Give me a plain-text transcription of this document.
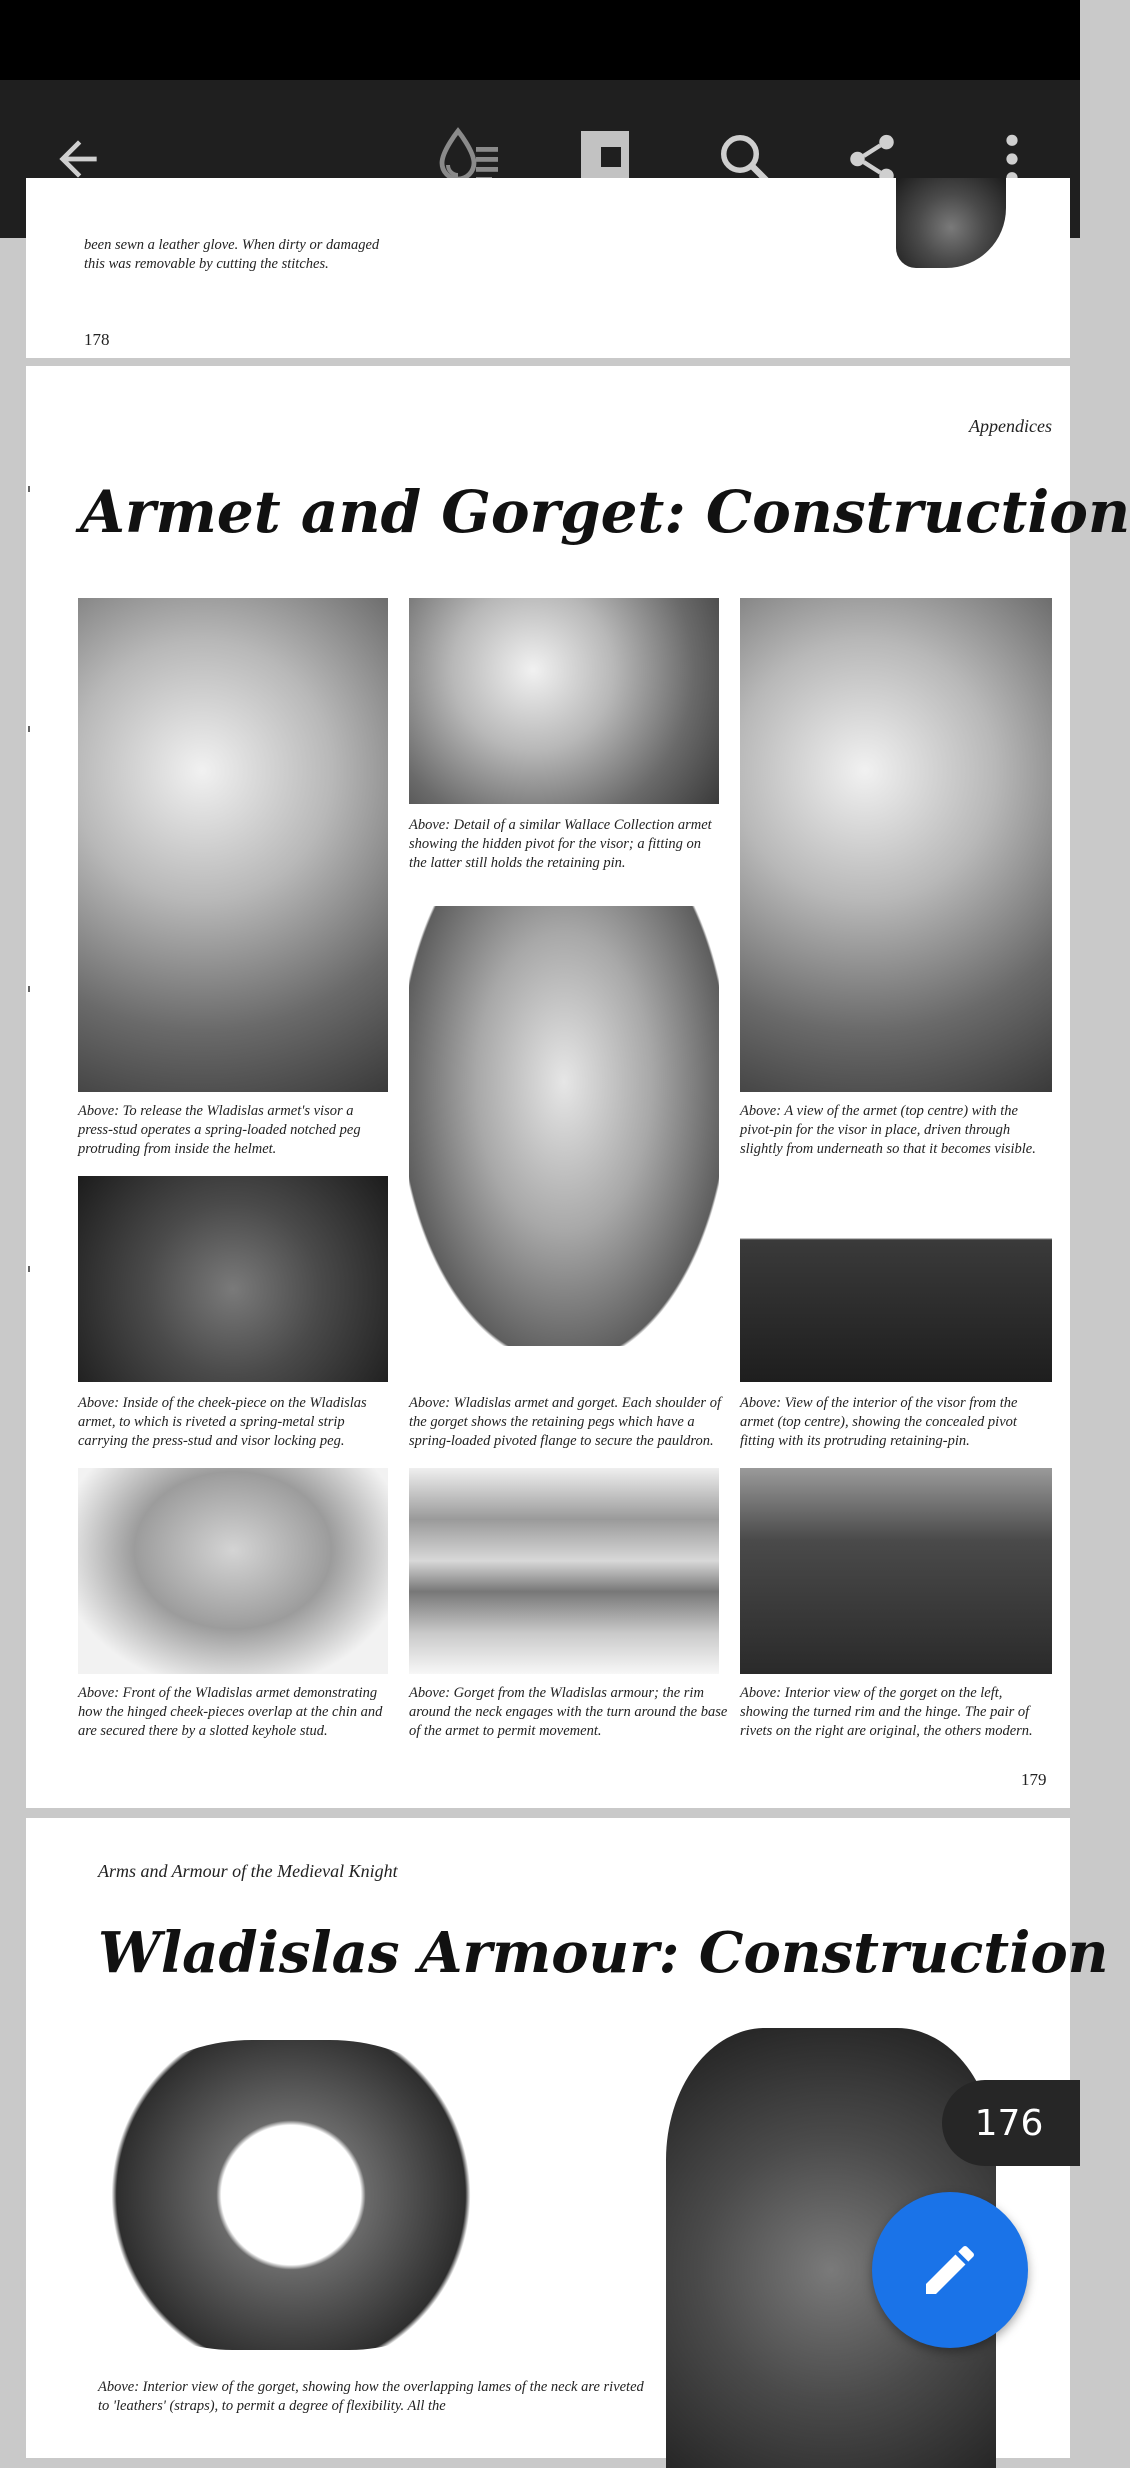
been sewn a leather glove. When dirty or damaged
this was removable by cutting the stitches.
178
Appendices
Armet and Gorget: Construction
Above: Detail of a similar Wallace Collection armet showing the hidden pivot for the visor; a fitting on the latter still holds the retaining pin.
Above: To release the Wladislas armet's visor a press-stud operates a spring-loaded notched peg protruding from inside the helmet.
Above: A view of the armet (top centre) with the pivot-pin for the visor in place, driven through slightly from underneath so that it becomes visible.
Above: Inside of the cheek-piece on the Wladislas armet, to which is riveted a spring-metal strip carrying the press-stud and visor locking peg.
Above: Wladislas armet and gorget. Each shoulder of the gorget shows the retaining pegs which have a spring-loaded pivoted flange to secure the pauldron.
Above: View of the interior of the visor from the armet (top centre), showing the concealed pivot fitting with its protruding retaining-pin.
Above: Front of the Wladislas armet demonstrating how the hinged cheek-pieces overlap at the chin and are secured there by a slotted keyhole stud.
Above: Gorget from the Wladislas armour; the rim around the neck engages with the turn around the base of the armet to permit movement.
Above: Interior view of the gorget on the left, showing the turned rim and the hinge. The pair of rivets on the right are original, the others modern.
179
Arms and Armour of the Medieval Knight
Wladislas Armour: Construction
Above: Interior view of the gorget, showing how the overlapping lames of the neck are riveted to 'leathers' (straps), to permit a degree of flexibility. All the
176
